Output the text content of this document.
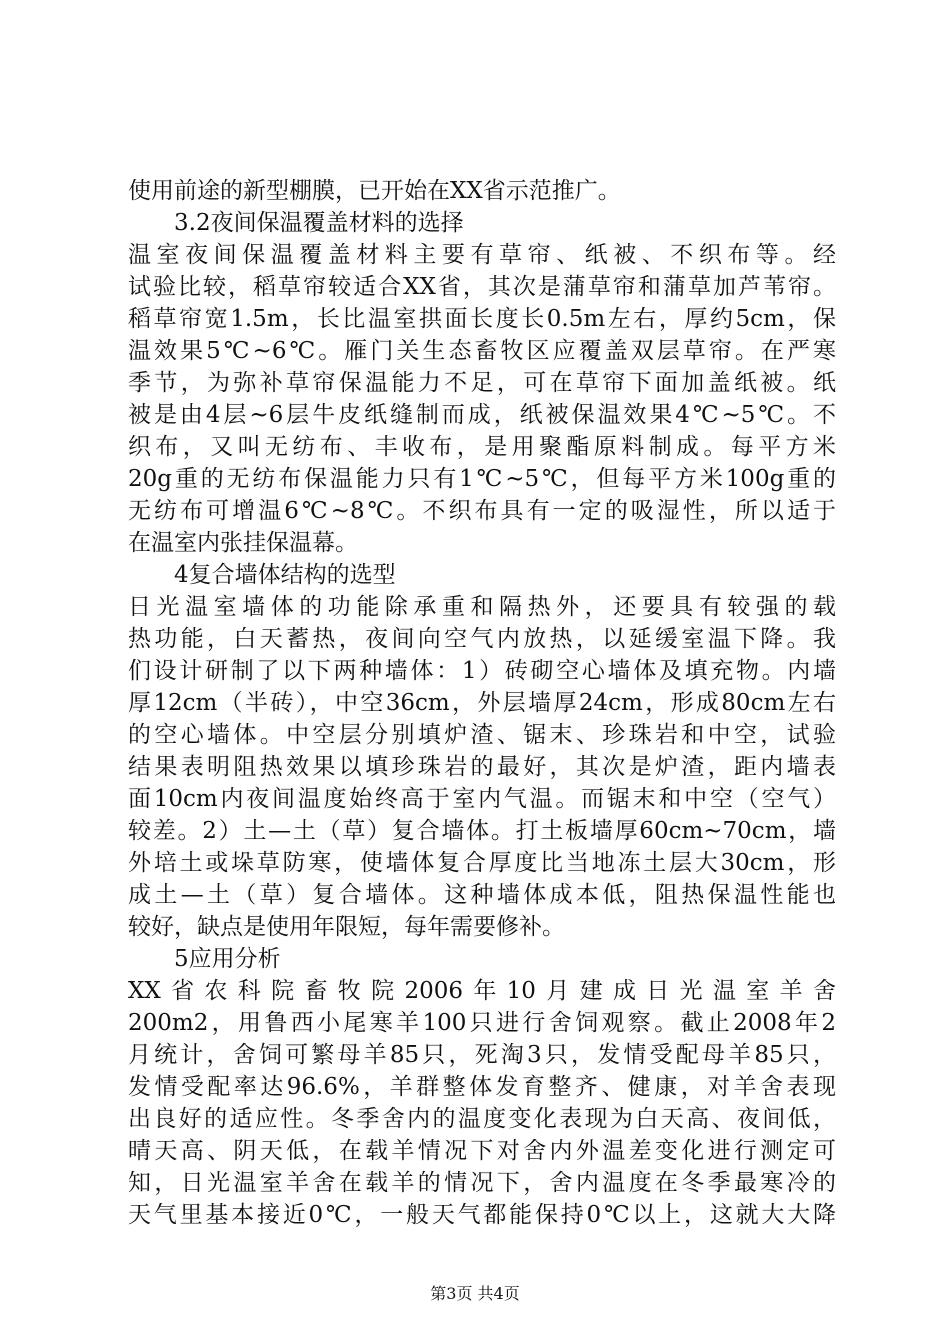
使用前途的新型棚膜，已开始在XX省示范推广。
3.2夜间保温覆盖材料的选择
温室夜间保温覆盖材料主要有草帘、纸被、不织布等。经
试验比较，稻草帘较适合XX省，其次是蒲草帘和蒲草加芦苇帘。
稻草帘宽1.5m，长比温室拱面长度长0.5m左右，厚约5cm，保
温效果5℃~6℃。雁门关生态畜牧区应覆盖双层草帘。在严寒
季节，为弥补草帘保温能力不足，可在草帘下面加盖纸被。纸
被是由4层~6层牛皮纸缝制而成，纸被保温效果4℃~5℃。不
织布，又叫无纺布、丰收布，是用聚酯原料制成。每平方米
20g重的无纺布保温能力只有1℃~5℃，但每平方米100g重的
无纺布可增温6℃~8℃。不织布具有一定的吸湿性，所以适于
在温室内张挂保温幕。
4复合墙体结构的选型
日光温室墙体的功能除承重和隔热外，还要具有较强的载
热功能，白天蓄热，夜间向空气内放热，以延缓室温下降。我
们设计研制了以下两种墙体：1）砖砌空心墙体及填充物。内墙
厚12cm（半砖），中空36cm，外层墙厚24cm，形成80cm左右
的空心墙体。中空层分别填炉渣、锯末、珍珠岩和中空，试验
结果表明阻热效果以填珍珠岩的最好，其次是炉渣，距内墙表
面10cm内夜间温度始终高于室内气温。而锯末和中空（空气）
较差。2）土—土（草）复合墙体。打土板墙厚60cm~70cm，墙
外培土或垛草防寒，使墙体复合厚度比当地冻土层大30cm，形
成土—土（草）复合墙体。这种墙体成本低，阻热保温性能也
较好，缺点是使用年限短，每年需要修补。
5应用分析
XX省农科院畜牧院2006年10月建成日光温室羊舍
200m2，用鲁西小尾寒羊100只进行舍饲观察。截止2008年2
月统计，舍饲可繁母羊85只，死淘3只，发情受配母羊85只，
发情受配率达96.6%，羊群整体发育整齐、健康，对羊舍表现
出良好的适应性。冬季舍内的温度变化表现为白天高、夜间低，
晴天高、阴天低，在载羊情况下对舍内外温差变化进行测定可
知，日光温室羊舍在载羊的情况下，舍内温度在冬季最寒冷的
天气里基本接近0℃，一般天气都能保持0℃以上，这就大大降
第3页 共4页
